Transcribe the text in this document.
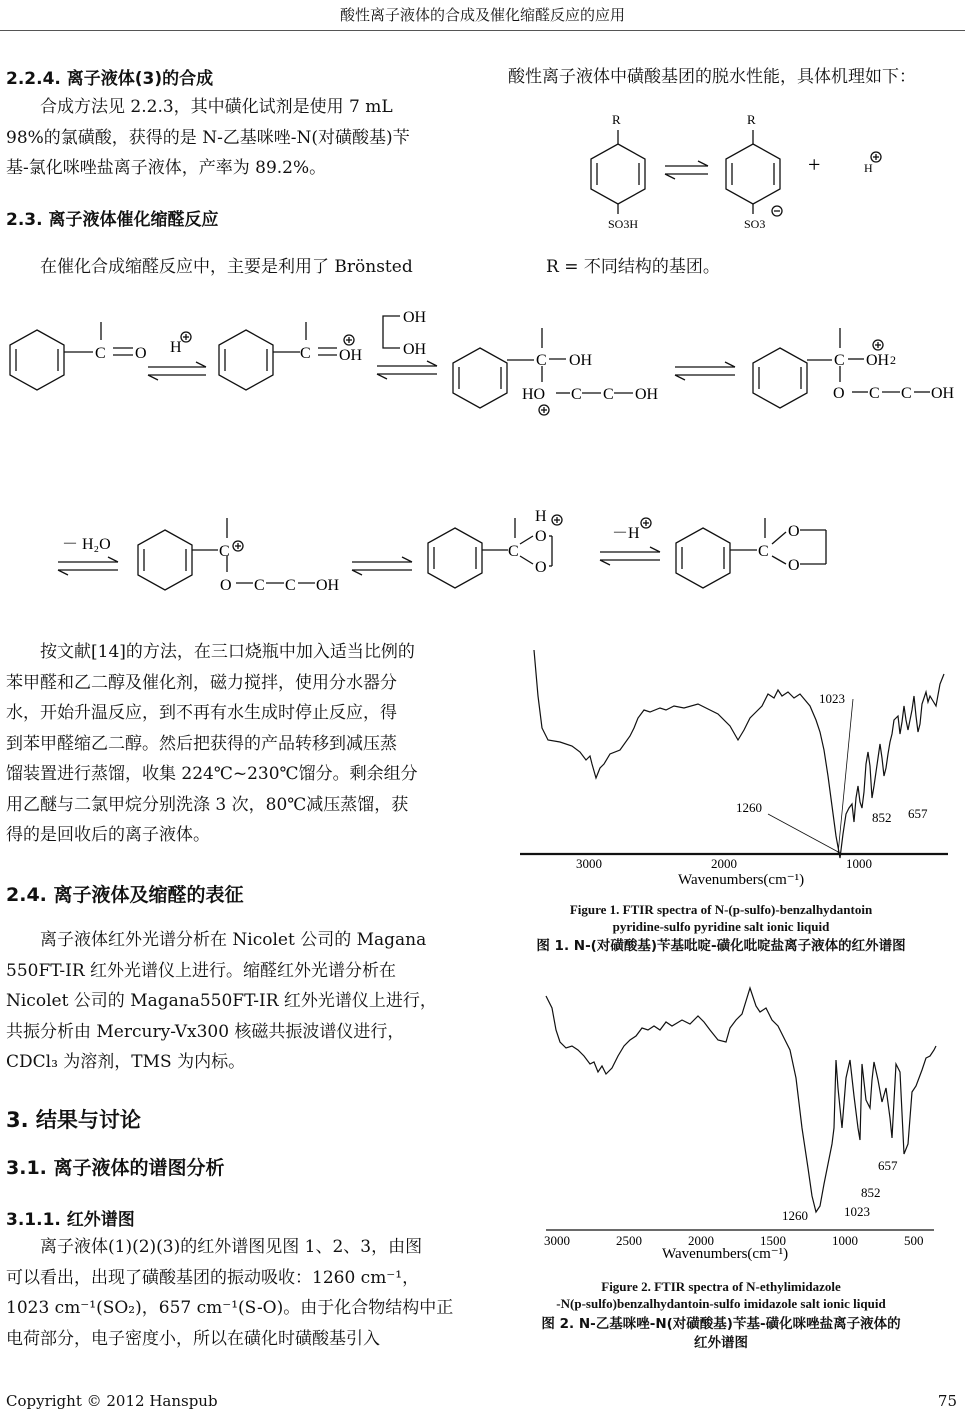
酸性离子液体的合成及催化缩醛反应的应用
2.2.4. 离子液体(3)的合成
合成方法见 2.2.3，其中磺化试剂是使用 7 mL
98%的氯磺酸，获得的是 N-乙基咪唑-N(对磺酸基)苄
基-氯化咪唑盐离子液体，产率为 89.2%。
2.3. 离子液体催化缩醛反应
在催化合成缩醛反应中，主要是利用了 Brönsted
酸性离子液体中磺酸基团的脱水性能，具体机理如下：
R	R
SO3H	SO3
+	H
R = 不同结构的基团。
C O H	C OH
OH
OH
C OH
HO C C OH
C OH 2
O C C OH
－ H₂O	C
O C C OH
C
H
O
O
－H
C
O
O
按文献[14]的方法，在三口烧瓶中加入适当比例的
苯甲醛和乙二醇及催化剂，磁力搅拌，使用分水器分
水，开始升温反应，到不再有水生成时停止反应，得
到苯甲醛缩乙二醇。然后把获得的产品转移到减压蒸
馏装置进行蒸馏，收集 224℃~230℃馏分。剩余组分
用乙醚与二氯甲烷分别洗涤 3 次，80℃减压蒸馏，获
得的是回收后的离子液体。
2.4. 离子液体及缩醛的表征
离子液体红外光谱分析在 Nicolet 公司的 Magana
550FT-IR 红外光谱仪上进行。缩醛红外光谱分析在
Nicolet 公司的 Magana550FT-IR 红外光谱仪上进行，
共振分析由 Mercury-Vx300 核磁共振波谱仪进行，
CDCl₃ 为溶剂，TMS 为内标。
3. 结果与讨论
3.1. 离子液体的谱图分析
3.1.1. 红外谱图
离子液体(1)(2)(3)的红外谱图见图 1、2、3，由图
可以看出，出现了磺酸基团的振动吸收：1260 cm⁻¹，
1023 cm⁻¹(SO₂)，657 cm⁻¹(S-O)。由于化合物结构中正
电荷部分，电子密度小，所以在磺化时磺酸基引入
1023
1260
852 657
3000	2000	1000
Wavenumbers(cm⁻¹)
Figure 1. FTIR spectra of N-(p-sulfo)-benzalhydantoin
pyridine-sulfo pyridine salt ionic liquid
图 1. N-(对磺酸基)苄基吡啶-磺化吡啶盐离子液体的红外谱图
657
852
1260	1023
3000	2500	2000	1500	1000	500
Wavenumbers(cm⁻¹)
Figure 2. FTIR spectra of N-ethylimidazole
-N(p-sulfo)benzalhydantoin-sulfo imidazole salt ionic liquid
图 2. N-乙基咪唑-N(对磺酸基)苄基-磺化咪唑盐离子液体的
红外谱图
Copyright © 2012 Hanspub	75
